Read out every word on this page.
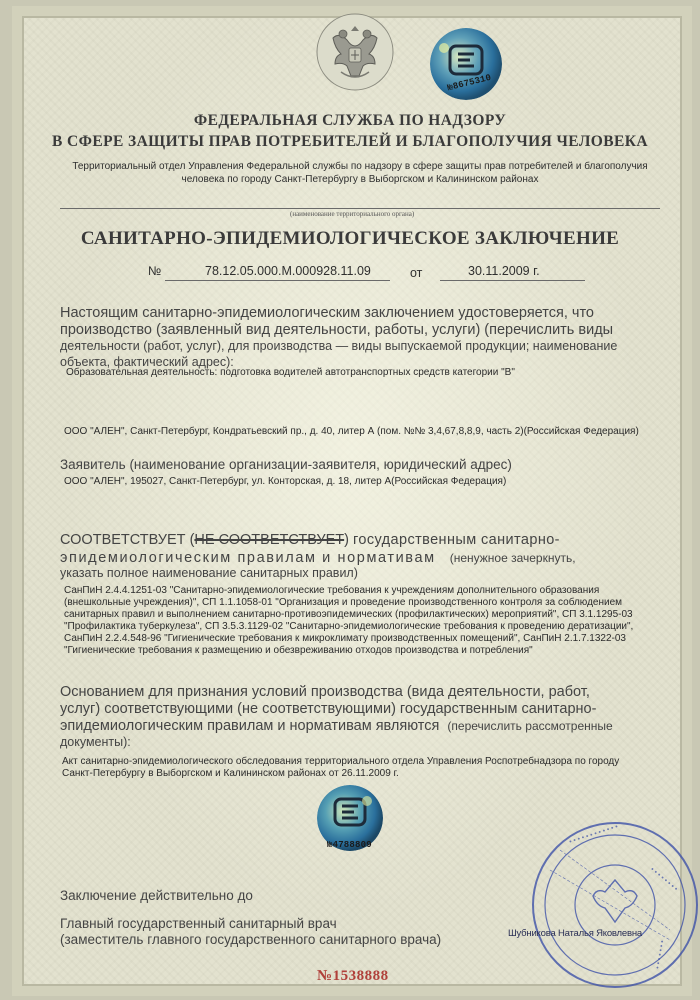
№8675310
ФЕДЕРАЛЬНАЯ СЛУЖБА ПО НАДЗОРУ
В СФЕРЕ ЗАЩИТЫ ПРАВ ПОТРЕБИТЕЛЕЙ И БЛАГОПОЛУЧИЯ ЧЕЛОВЕКА
Территориальный отдел Управления Федеральной службы по надзору в сфере защиты прав потребителей и благополучия
человека по городу Санкт-Петербургу в Выборгском и Калининском районах
(наименование территориального органа)
САНИТАРНО-ЭПИДЕМИОЛОГИЧЕСКОЕ ЗАКЛЮЧЕНИЕ
№	78.12.05.000.М.000928.11.09	от	30.11.2009 г.
Настоящим санитарно-эпидемиологическим заключением удостоверяется, что
производство (заявленный вид деятельности, работы, услуги) (перечислить виды
деятельности (работ, услуг), для производства — виды выпускаемой продукции; наименование
объекта, фактический адрес):
Образовательная деятельность: подготовка водителей автотранспортных средств категории "В"
ООО "АЛЕН", Санкт-Петербург, Кондратьевский пр., д. 40, литер А (пом. №№ 3,4,67,8,8,9, часть 2)(Российская Федерация)
Заявитель (наименование организации-заявителя, юридический адрес)
ООО "АЛЕН", 195027, Санкт-Петербург, ул. Конторская, д. 18, литер А(Российская Федерация)
СООТВЕТСТВУЕТ (НЕ СООТВЕТСТВУЕТ) государственным санитарно-
эпидемиологическим правилам и нормативам (ненужное зачеркнуть,
указать полное наименование санитарных правил)
СанПиН 2.4.4.1251-03 "Санитарно-эпидемиологические требования к учреждениям дополнительного образования
(внешкольные учреждения)", СП 1.1.1058-01 "Организация и проведение производственного контроля за соблюдением
санитарных правил и выполнением санитарно-противоэпидемических (профилактических) мероприятий", СП 3.1.1295-03
"Профилактика туберкулеза", СП 3.5.3.1129-02 "Санитарно-эпидемиологические требования к проведению дератизации",
СанПиН 2.2.4.548-96 "Гигиенические требования к микроклимату производственных помещений", СанПиН 2.1.7.1322-03
"Гигиенические требования к размещению и обезвреживанию отходов производства и потребления"
Основанием для признания условий производства (вида деятельности, работ,
услуг) соответствующими (не соответствующими) государственным санитарно-
эпидемиологическим правилам и нормативам являются (перечислить рассмотренные
документы):
Акт санитарно-эпидемиологического обследования территориального отдела Управления Роспотребнадзора по городу
Санкт-Петербургу в Выборгском и Калининском районах от 26.11.2009 г.
№4788809
Заключение действительно до
Главный государственный санитарный врач
(заместитель главного государственного санитарного врача)
• • • • • • • • • • • •
• • • • • • • •
• • • • • • •
Шубникова Наталья Яковлевна
№1538888
